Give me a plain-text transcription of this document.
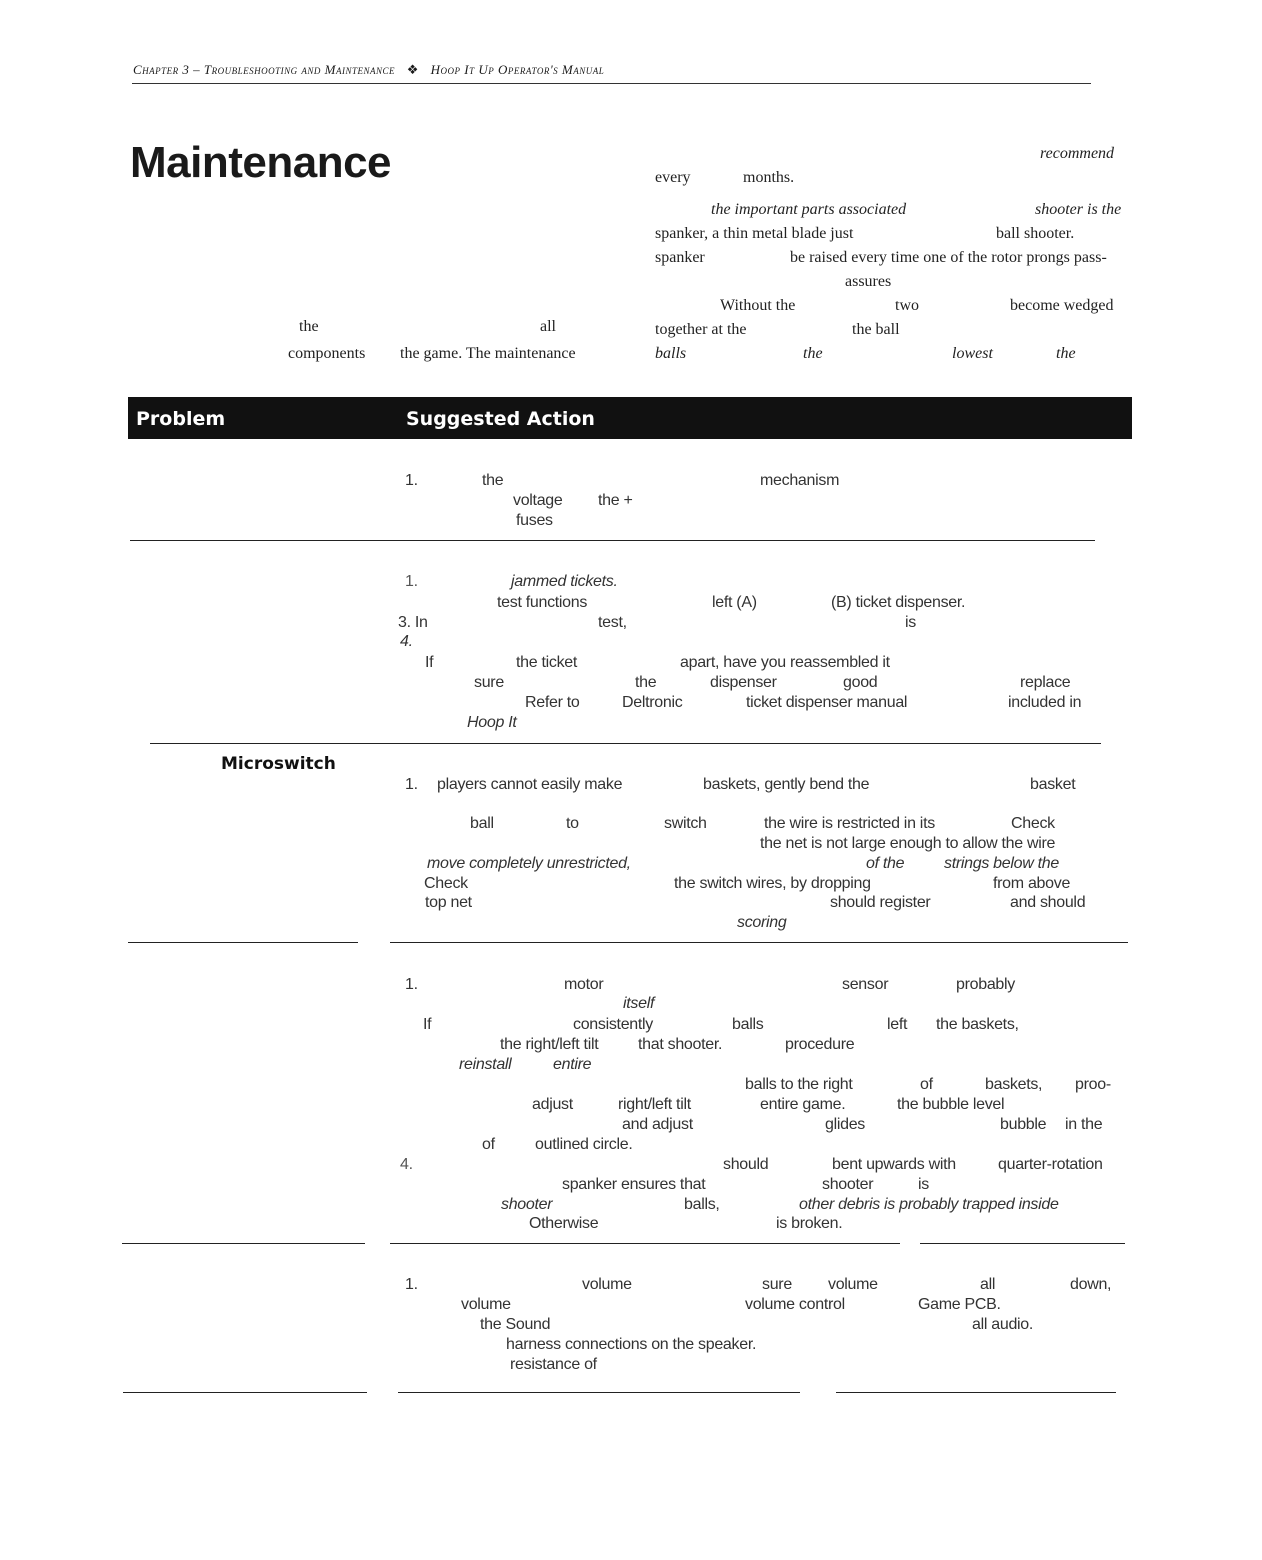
Chapter 3 – Troubleshooting and Maintenance ❖ Hoop It Up Operator's Manual
Maintenance	recommend
every	months.
the important parts associated	shooter is the
spanker, a thin metal blade just	ball shooter.
spanker	be raised every time one of the rotor prongs pass-
assures
Without the	two	become wedged
the	all	together at the	the ball
components the game. The maintenance	balls	the	lowest	the
Problem	Suggested Action
1.	the	mechanism
voltage the +
fuses
1.	jammed tickets.
test functions	left (A)	(B) ticket dispenser.
3. In	test,	is
4.
If	the ticket	apart, have you reassembled it
sure	the	dispenser	good	replace
Refer to	Deltronic	ticket dispenser manual	included in
Hoop It
Microswitch
1. players cannot easily make	baskets, gently bend the	basket
ball	to	switch	the wire is restricted in its	Check
the net is not large enough to allow the wire
move completely unrestricted,	of the strings below the
Check	the switch wires, by dropping	from above
top net	should register	and should
scoring
1.	motor	sensor	probably
itself
If	consistently	balls	left the baskets,
the right/left tilt that shooter.	procedure
reinstall	entire
balls to the right	of	baskets, proo-
adjust	right/left tilt	entire game.	the bubble level
and adjust	glides	bubble in the
of	outlined circle.
4.	should	bent upwards with	quarter-rotation
spanker ensures that	shooter	is
shooter	balls,	other debris is probably trapped inside
Otherwise	is broken.
1.	volume	sure volume	all	down,
volume	volume control	Game PCB.
the Sound	all audio.
harness connections on the speaker.
resistance of
